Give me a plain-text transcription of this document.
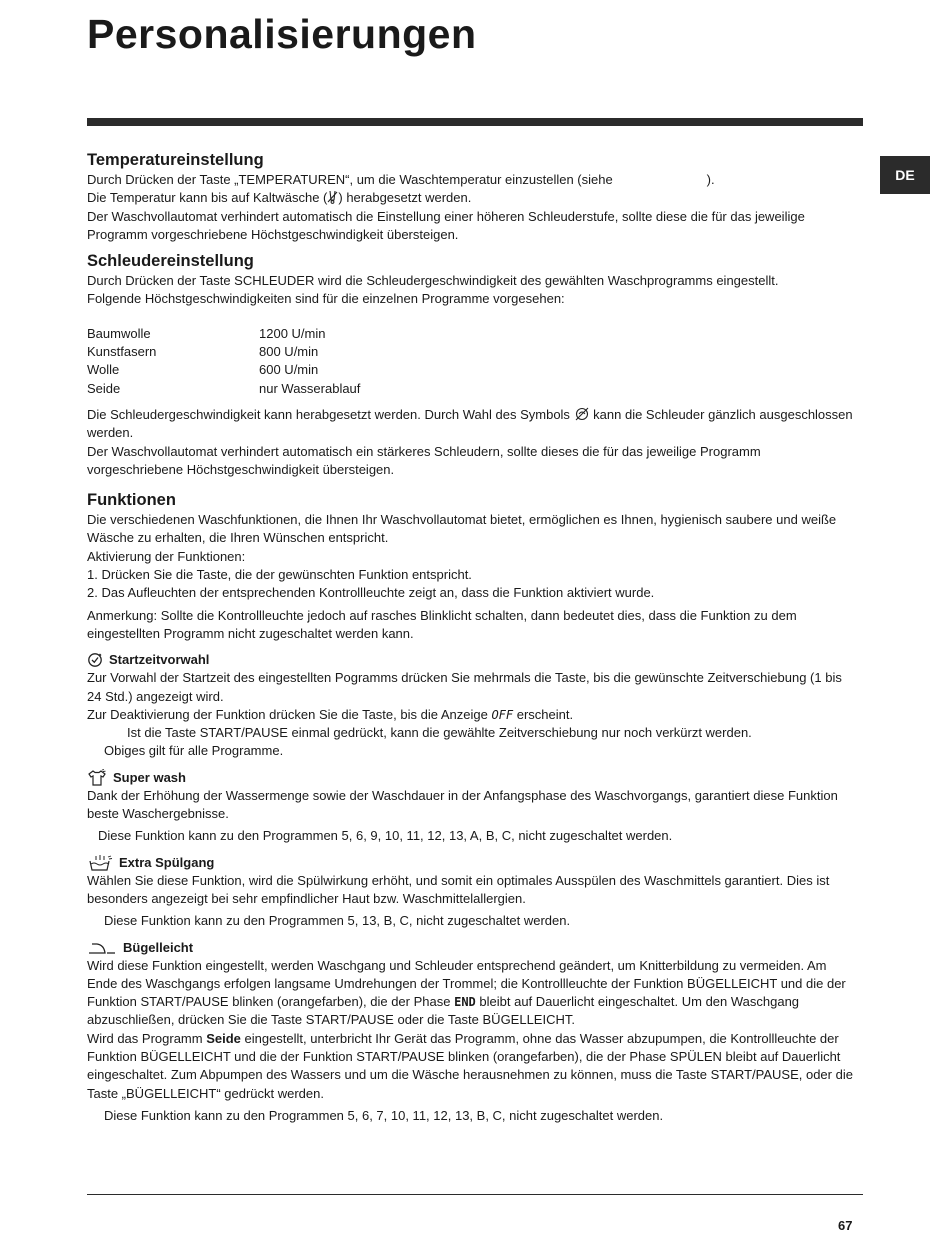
Personalisierungen
DE
Temperatureinstellung

Durch Drücken der Taste „TEMPERATUREN“, um die Waschtemperatur einzustellen (siehe                          ).

Die Temperatur kann bis auf Kaltwäsche ( ) herabgesetzt werden.

Der Waschvollautomat verhindert automatisch die Einstellung einer höheren Schleuderstufe, sollte diese die für das jeweilige Programm vorgeschriebene Höchstgeschwindigkeit übersteigen.

Schleudereinstellung

Durch Drücken der Taste SCHLEUDER wird die Schleudergeschwindigkeit des gewählten Waschprogramms eingestellt.

Folgende Höchstgeschwindigkeiten sind für die einzelnen Programme vorgesehen:

Baumwolle	1200 U/min
Kunstfasern	800 U/min
Wolle	600 U/min
Seide	nur Wasserablauf

Die Schleudergeschwindigkeit kann herabgesetzt werden. Durch Wahl des Symbols  kann die Schleuder gänzlich ausgeschlossen werden.

Der Waschvollautomat verhindert automatisch ein stärkeres Schleudern, sollte dieses die für das jeweilige Programm vorgeschriebene Höchstgeschwindigkeit übersteigen.

Funktionen

Die verschiedenen Waschfunktionen, die Ihnen Ihr Waschvollautomat bietet, ermöglichen es Ihnen, hygienisch saubere und weiße Wäsche zu erhalten, die Ihren Wünschen entspricht.

Aktivierung der Funktionen:

1. Drücken Sie die Taste, die der gewünschten Funktion entspricht.

2. Das Aufleuchten der entsprechenden Kontrollleuchte zeigt an, dass die Funktion aktiviert wurde.

Anmerkung: Sollte die Kontrollleuchte jedoch auf rasches Blinklicht schalten, dann bedeutet dies, dass die Funktion zu dem eingestellten Programm nicht zugeschaltet werden kann.

Startzeitvorwahl

Zur Vorwahl der Startzeit des eingestellten Pogramms drücken Sie mehrmals die Taste, bis die gewünschte Zeitverschiebung (1 bis 24 Std.) angezeigt wird.

Zur Deaktivierung der Funktion drücken Sie die Taste, bis die Anzeige OFF erscheint.

Ist die Taste START/PAUSE einmal gedrückt, kann die gewählte Zeitverschiebung nur noch verkürzt werden.

Obiges gilt für alle Programme.

Super wash

Dank der Erhöhung der Wassermenge sowie der Waschdauer in der Anfangsphase des Waschvorgangs, garantiert diese Funktion beste Waschergebnisse.

Diese Funktion kann zu den Programmen 5, 6, 9, 10, 11, 12, 13, A, B, C, nicht zugeschaltet werden.

Extra Spülgang

Wählen Sie diese Funktion, wird die Spülwirkung erhöht, und somit ein optimales Ausspülen des Waschmittels garantiert. Dies ist besonders angezeigt bei sehr empfindlicher Haut bzw. Waschmittelallergien.

Diese Funktion kann zu den Programmen 5, 13, B, C, nicht zugeschaltet werden.

Bügelleicht

Wird diese Funktion eingestellt, werden Waschgang und Schleuder entsprechend geändert, um Knitterbildung zu vermeiden. Am Ende des Waschgangs erfolgen langsame Umdrehungen der Trommel; die Kontrollleuchte der Funktion BÜGELLEICHT und die der Funktion START/PAUSE blinken (orangefarben), die der Phase END bleibt auf Dauerlicht eingeschaltet. Um den Waschgang abzuschließen, drücken Sie die Taste START/PAUSE oder die Taste BÜGELLEICHT.

Wird das Programm Seide eingestellt, unterbricht Ihr Gerät das Programm, ohne das Wasser abzupumpen, die Kontrollleuchte der Funktion BÜGELLEICHT und die der Funktion START/PAUSE blinken (orangefarben), die der Phase SPÜLEN bleibt auf Dauerlicht eingeschaltet. Zum Abpumpen des Wassers und um die Wäsche herausnehmen zu können, muss die Taste START/PAUSE, oder die Taste „BÜGELLEICHT“ gedrückt werden.

Diese Funktion kann zu den Programmen 5, 6, 7, 10, 11, 12, 13, B, C, nicht zugeschaltet werden.

67
